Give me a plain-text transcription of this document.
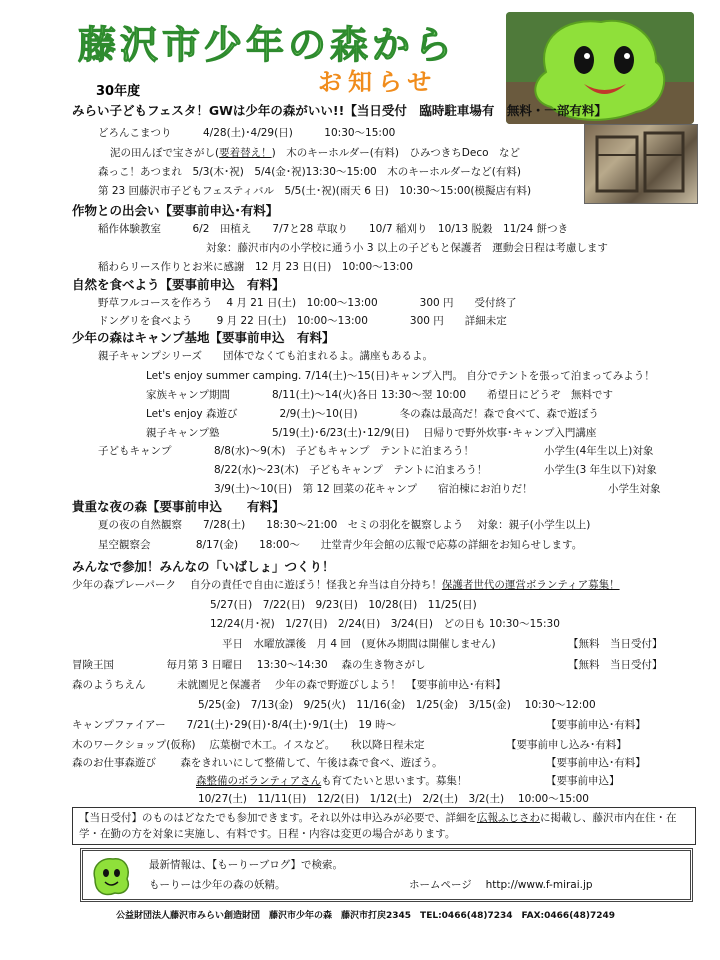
藤沢市少年の森から
お知らせ
30年度
みらい子どもフェスタ！GWは少年の森がいい!!【当日受付　臨時駐車場有　無料・一部有料】
どろんこまつり　　　4/28(土)･4/29(日)　　　10:30～15:00
泥の田んぼで宝さがし(要着替え！)　木のキーホルダー(有料)　ひみつきちDeco　など
森っこ！あつまれ　5/3(木･祝)　5/4(金･祝)13:30～15:00　木のキーホルダーなど(有料)
第 23 回藤沢市子どもフェスティバル　5/5(土･祝)(雨天 6 日)　10:30～15:00(模擬店有料)
作物との出会い【要事前申込･有料】
稲作体験教室　　　6/2　田植え　　7/7と28 草取り　　10/7 稲刈り　10/13 脱穀　11/24 餅つき
対象：藤沢市内の小学校に通う小 3 以上の子どもと保護者　運動会日程は考慮します
稲わらリース作りとお米に感謝　12 月 23 日(日)　10:00～13:00
自然を食べよう【要事前申込　有料】
野草フルコースを作ろう　 4 月 21 日(土)　10:00～13:00　　　　300 円　　受付終了
ドングリを食べよう　　 9 月 22 日(土)　10:00～13:00　　　　300 円　　詳細未定
少年の森はキャンプ基地【要事前申込　有料】
親子キャンプシリーズ　　団体でなくても泊まれるよ。講座もあるよ。
Let's enjoy summer camping. 7/14(土)～15(日)キャンプ入門。 自分でテントを張って泊まってみよう！
家族キャンプ期間　　　　8/11(土)～14(火)各日 13:30～翌 10:00　　希望日にどうぞ　無料です
Let's enjoy 森遊び　　　　2/9(土)～10(日)　　　　冬の森は最高だ！森で食べて、森で遊ぼう
親子キャンプ塾　　　　　5/19(土)･6/23(土)･12/9(日)　 日帰りで野外炊事･キャンプ入門講座
子どもキャンプ	8/8(水)～9(木)　子どもキャンプ　テントに泊まろう！	小学生(4年生以上)対象
8/22(水)～23(木)　子どもキャンプ　テントに泊まろう！	小学生(3 年生以下)対象
3/9(土)～10(日)　第 12 回菜の花キャンプ　　宿泊棟にお泊りだ！	小学生対象
貴重な夜の森【要事前申込　　有料】
夏の夜の自然観察　　7/28(土)　　18:30～21:00　セミの羽化を観察しよう　 対象：親子(小学生以上)
星空観察会　　　　 8/17(金)　　18:00～　　辻堂青少年会館の広報で応募の詳細をお知らせします。
みんなで参加！みんなの「いばしょ」つくり！
少年の森プレーパーク　 自分の責任で自由に遊ぼう！怪我と弁当は自分持ち！保護者世代の運営ボランティア募集！
5/27(日)　7/22(日)　9/23(日)　10/28(日)　11/25(日)
12/24(月･祝)　1/27(日)　2/24(日)　3/24(日)　どの日も 10:30～15:30
平日　水曜放課後　月 4 回　(夏休み期間は開催しません)	【無料　当日受付】
冒険王国　　　　　毎月第 3 日曜日　 13:30～14:30　 森の生き物さがし	【無料　当日受付】
森のようちえん　　　未就園児と保護者　 少年の森で野遊びしよう！　【要事前申込･有料】
5/25(金)　7/13(金)　9/25(火)　11/16(金)　1/25(金)　3/15(金)　 10:30～12:00
キャンプファイアー　　7/21(土)･29(日)･8/4(土)･9/1(土)　19 時～	【要事前申込･有料】
木のワークショップ(仮称)　 広葉樹で木工。イスなど。　　秋以降日程未定	【要事前申し込み･有料】
森のお仕事森遊び　　 森をきれいにして整備して、午後は森で食べ、遊ぼう。	【要事前申込･有料】
森整備のボランティアさんも育てたいと思います。募集！	【要事前申込】
10/27(土)　11/11(日)　12/2(日)　1/12(土)　2/2(土)　3/2(土)　 10:00～15:00
【当日受付】のものはどなたでも参加できます。それ以外は申込みが必要で、詳細を広報ふじさわに掲載し、藤沢市内在住・在学・在勤の方を対象に実施し、有料です。日程・内容は変更の場合があります。
最新情報は、【もーりーブログ】で検索。
もーりーは少年の森の妖精。	ホームページ　 http://www.f-mirai.jp
公益財団法人藤沢市みらい創造財団　藤沢市少年の森　藤沢市打戻2345　TEL:0466(48)7234　FAX:0466(48)7249
